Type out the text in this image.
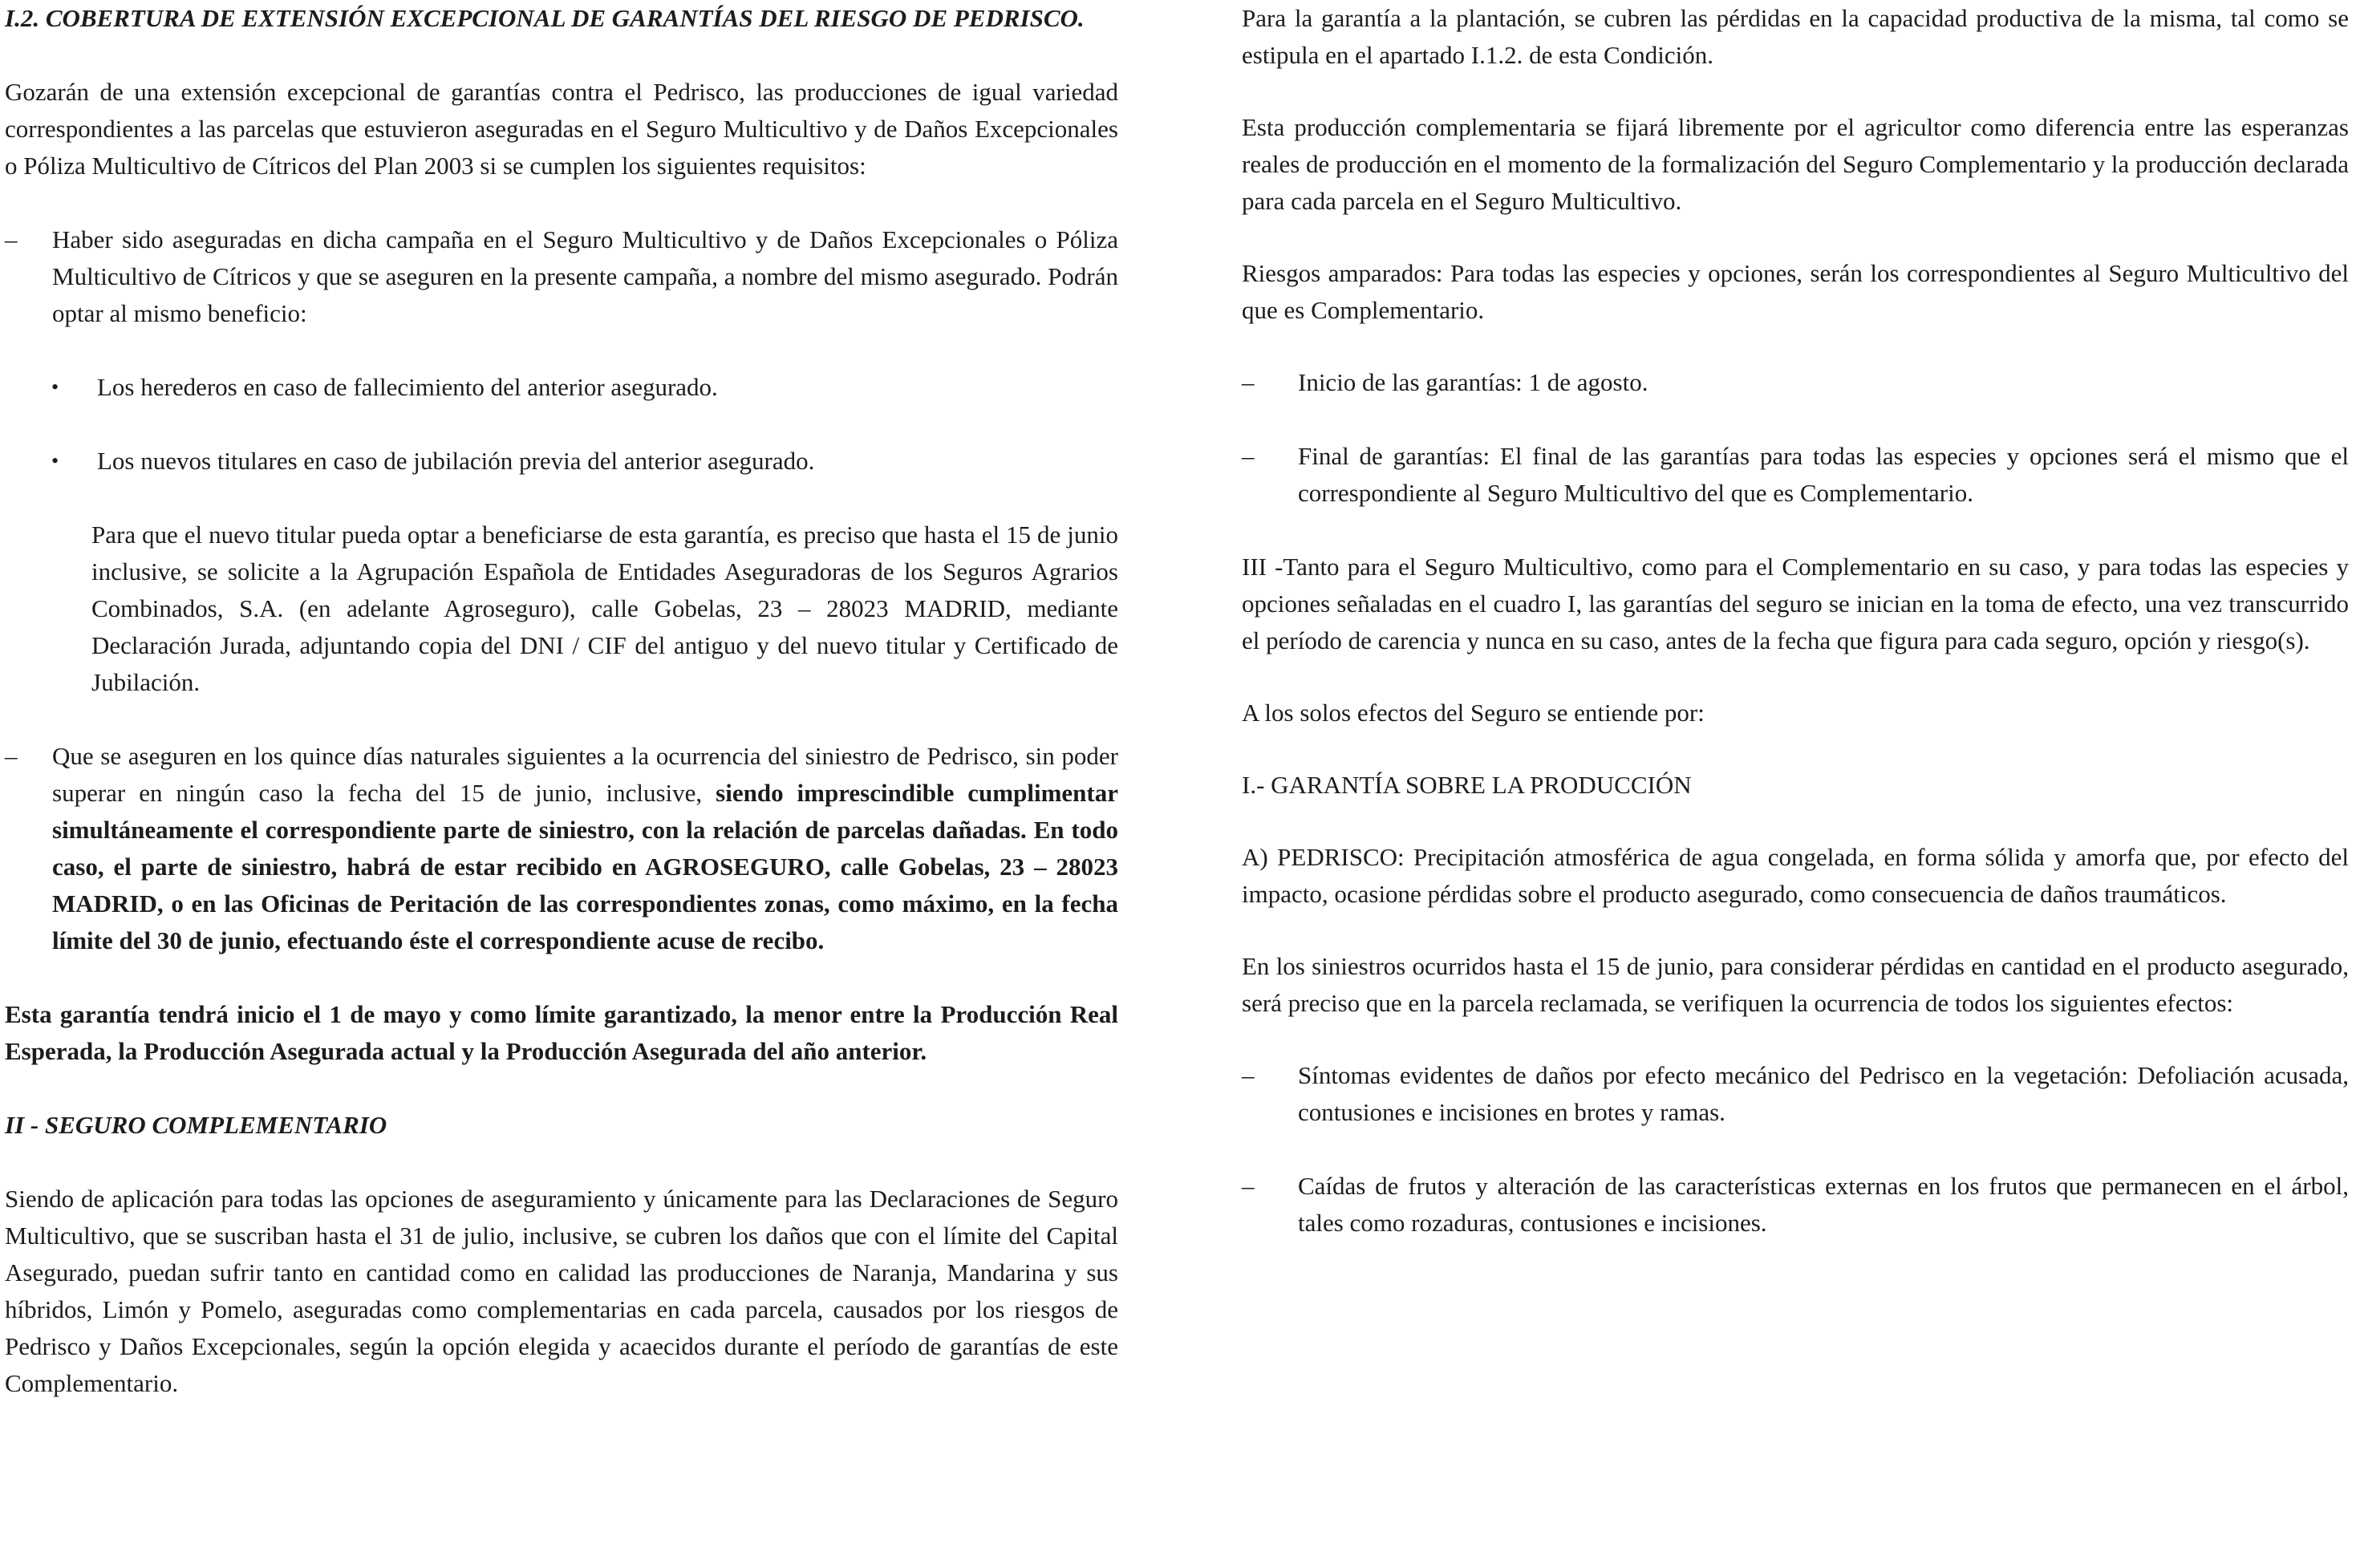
I.2. COBERTURA DE EXTENSIÓN EXCEPCIONAL DE GARANTÍAS DEL RIESGO DE PEDRISCO.

Gozarán de una extensión excepcional de garantías contra el Pedrisco, las producciones de igual variedad correspondientes a las parcelas que estuvieron aseguradas en el Seguro Multicultivo y de Daños Excepcionales o Póliza Multicultivo de Cítricos del Plan 2003 si se cumplen los siguientes requisitos:

– Haber sido aseguradas en dicha campaña en el Seguro Multicultivo y de Daños Excepcionales o Póliza Multicultivo de Cítricos y que se aseguren en la presente campaña, a nombre del mismo asegurado. Podrán optar al mismo beneficio:
• Los herederos en caso de fallecimiento del anterior asegurado.
• Los nuevos titulares en caso de jubilación previa del anterior asegurado.

Para que el nuevo titular pueda optar a beneficiarse de esta garantía, es preciso que hasta el 15 de junio inclusive, se solicite a la Agrupación Española de Entidades Aseguradoras de los Seguros Agrarios Combinados, S.A. (en adelante Agroseguro), calle Gobelas, 23 – 28023 MADRID, mediante Declaración Jurada, adjuntando copia del DNI / CIF del antiguo y del nuevo titular y Certificado de Jubilación.

– Que se aseguren en los quince días naturales siguientes a la ocurrencia del siniestro de Pedrisco, sin poder superar en ningún caso la fecha del 15 de junio, inclusive, siendo imprescindible cumplimentar simultáneamente el correspondiente parte de siniestro, con la relación de parcelas dañadas. En todo caso, el parte de siniestro, habrá de estar recibido en AGROSEGURO, calle Gobelas, 23 – 28023 MADRID, o en las Oficinas de Peritación de las correspondientes zonas, como máximo, en la fecha límite del 30 de junio, efectuando éste el correspondiente acuse de recibo.

Esta garantía tendrá inicio el 1 de mayo y como límite garantizado, la menor entre la Producción Real Esperada, la Producción Asegurada actual y la Producción Asegurada del año anterior.

II - SEGURO COMPLEMENTARIO

Siendo de aplicación para todas las opciones de aseguramiento y únicamente para las Declaraciones de Seguro Multicultivo, que se suscriban hasta el 31 de julio, inclusive, se cubren los daños que con el límite del Capital Asegurado, puedan sufrir tanto en cantidad como en calidad las producciones de Naranja, Mandarina y sus híbridos, Limón y Pomelo, aseguradas como complementarias en cada parcela, causados por los riesgos de Pedrisco y Daños Excepcionales, según la opción elegida y acaecidos durante el período de garantías de este Complementario.

Para la garantía a la plantación, se cubren las pérdidas en la capacidad productiva de la misma, tal como se estipula en el apartado I.1.2. de esta Condición.

Esta producción complementaria se fijará libremente por el agricultor como diferencia entre las esperanzas reales de producción en el momento de la formalización del Seguro Complementario y la producción declarada para cada parcela en el Seguro Multicultivo.

Riesgos amparados: Para todas las especies y opciones, serán los correspondientes al Seguro Multicultivo del que es Complementario.

– Inicio de las garantías: 1 de agosto.
– Final de garantías: El final de las garantías para todas las especies y opciones será el mismo que el correspondiente al Seguro Multicultivo del que es Complementario.

III -Tanto para el Seguro Multicultivo, como para el Complementario en su caso, y para todas las especies y opciones señaladas en el cuadro I, las garantías del seguro se inician en la toma de efecto, una vez transcurrido el período de carencia y nunca en su caso, antes de la fecha que figura para cada seguro, opción y riesgo(s).

A los solos efectos del Seguro se entiende por:

I.- GARANTÍA SOBRE LA PRODUCCIÓN

A) PEDRISCO: Precipitación atmosférica de agua congelada, en forma sólida y amorfa que, por efecto del impacto, ocasione pérdidas sobre el producto asegurado, como consecuencia de daños traumáticos.

En los siniestros ocurridos hasta el 15 de junio, para considerar pérdidas en cantidad en el producto asegurado, será preciso que en la parcela reclamada, se verifiquen la ocurrencia de todos los siguientes efectos:

– Síntomas evidentes de daños por efecto mecánico del Pedrisco en la vegetación: Defoliación acusada, contusiones e incisiones en brotes y ramas.
– Caídas de frutos y alteración de las características externas en los frutos que permanecen en el árbol, tales como rozaduras, contusiones e incisiones.
